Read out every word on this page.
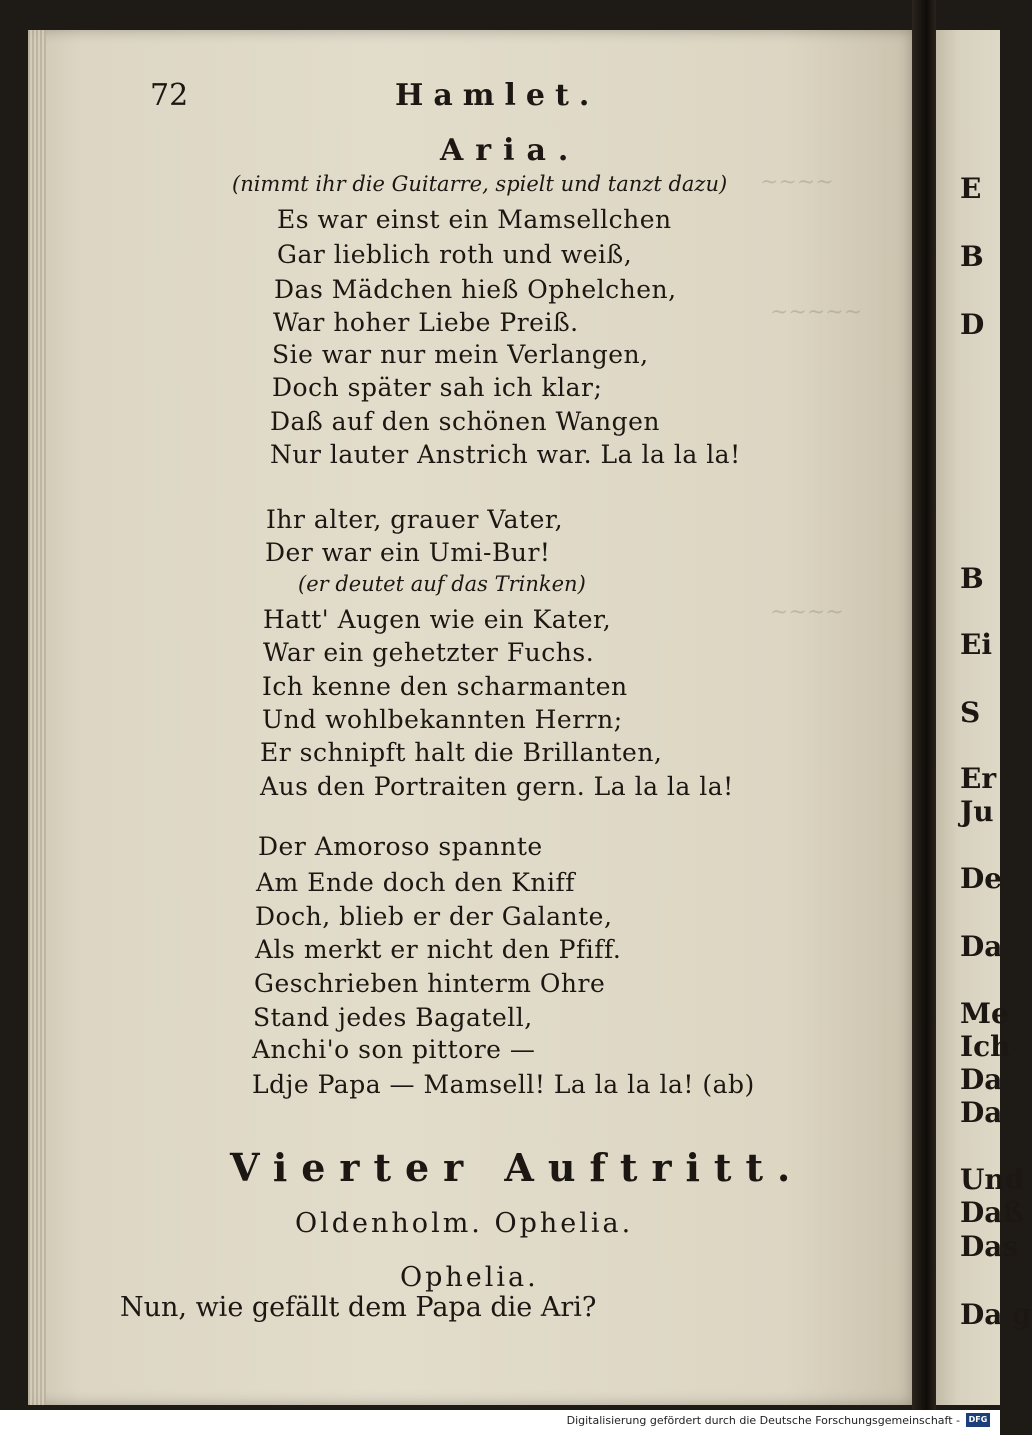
~~~~
~~~~~
~~~~
72	Hamlet.
Aria.
(nimmt ihr die Guitarre, spielt und tanzt dazu)
Es war einst ein Mamsellchen
Gar lieblich roth und weiß,
Das Mädchen hieß Ophelchen,
War hoher Liebe Preiß.
Sie war nur mein Verlangen,
Doch später sah ich klar;
Daß auf den schönen Wangen
Nur lauter Anstrich war. La la la la!
Ihr alter, grauer Vater,
Der war ein Umi-Bur!
(er deutet auf das Trinken)
Hatt' Augen wie ein Kater,
War ein gehetzter Fuchs.
Ich kenne den scharmanten
Und wohlbekannten Herrn;
Er schnipft halt die Brillanten,
Aus den Portraiten gern. La la la la!
Der Amoroso spannte
Am Ende doch den Kniff
Doch, blieb er der Galante,
Als merkt er nicht den Pfiff.
Geschrieben hinterm Ohre
Stand jedes Bagatell,
Anchi'o son pittore —
Ldje Papa — Mamsell! La la la la! (ab)
Vierter Auftritt.
Oldenholm. Ophelia.
Ophelia.
Nun, wie gefällt dem Papa die Ari?
E
B
D
B
Ei
S
Er
Ju
De
Da
Me
Ich
Da
Da
Und
Daß
Das
Da g
Digitalisierung gefördert durch die Deutsche Forschungsgemeinschaft -	DFG
